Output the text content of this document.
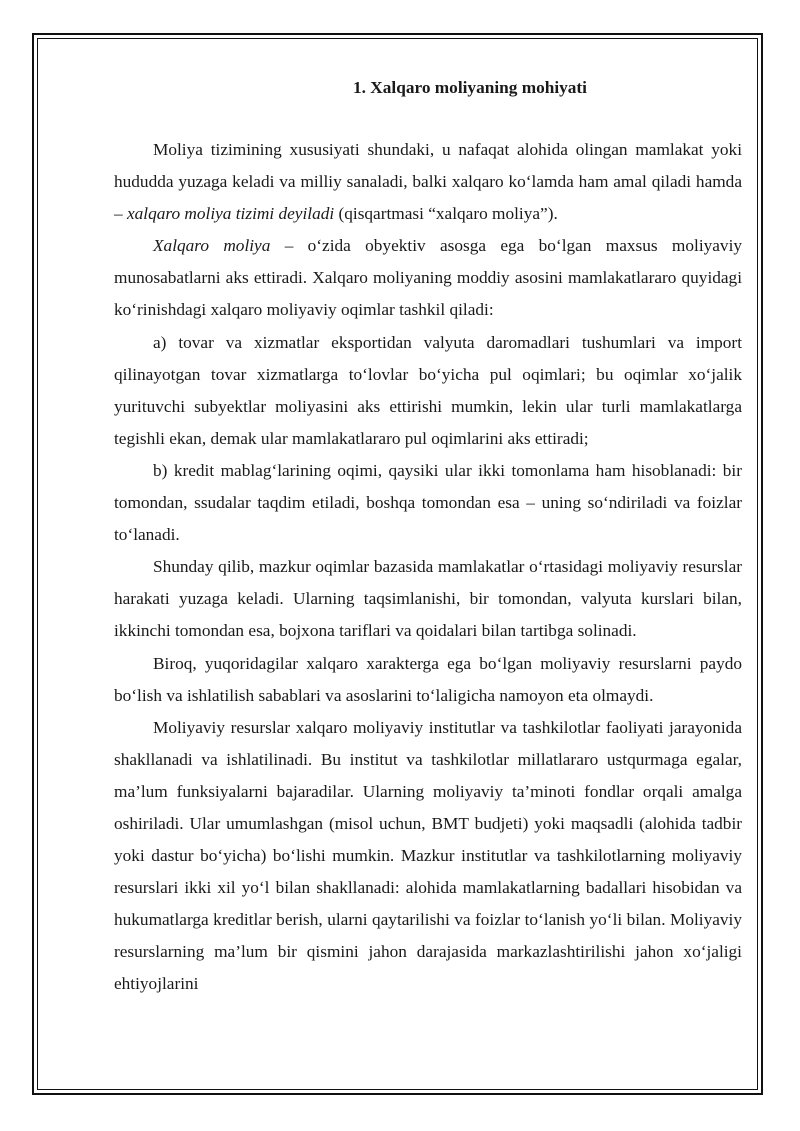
1. Xalqaro moliyaning mohiyati

Moliya tizimining xususiyati shundaki, u nafaqat alohida olingan mamlakat yoki hududda yuzaga keladi va milliy sanaladi, balki xalqaro ko‘lamda ham amal qiladi hamda – xalqaro moliya tizimi deyiladi (qisqartmasi “xalqaro moliya”).

Xalqaro moliya – o‘zida obyektiv asosga ega bo‘lgan maxsus moliyaviy munosabatlarni aks ettiradi. Xalqaro moliyaning moddiy asosini mamlakatlararo quyidagi ko‘rinishdagi xalqaro moliyaviy oqimlar tashkil qiladi:

a) tovar va xizmatlar eksportidan valyuta daromadlari tushumlari va import qilinayotgan tovar xizmatlarga to‘lovlar bo‘yicha pul oqimlari; bu oqimlar xo‘jalik yurituvchi subyektlar moliyasini aks ettirishi mumkin, lekin ular turli mamlakatlarga tegishli ekan, demak ular mamlakatlararo pul oqimlarini aks ettiradi;

b) kredit mablag‘larining oqimi, qaysiki ular ikki tomonlama ham hisoblanadi: bir tomondan, ssudalar taqdim etiladi, boshqa tomondan esa – uning so‘ndiriladi va foizlar to‘lanadi.

Shunday qilib, mazkur oqimlar bazasida mamlakatlar o‘rtasidagi moliyaviy resurslar harakati yuzaga keladi. Ularning taqsimlanishi, bir tomondan, valyuta kurslari bilan, ikkinchi tomondan esa, bojxona tariflari va qoidalari bilan tartibga solinadi.

Biroq, yuqoridagilar xalqaro xarakterga ega bo‘lgan moliyaviy resurslarni paydo bo‘lish va ishlatilish sabablari va asoslarini to‘laligicha namoyon eta olmaydi.

Moliyaviy resurslar xalqaro moliyaviy institutlar va tashkilotlar faoliyati jarayonida shakllanadi va ishlatilinadi. Bu institut va tashkilotlar millatlararo ustqurmaga egalar, ma’lum funksiyalarni bajaradilar. Ularning moliyaviy ta’minoti fondlar orqali amalga oshiriladi. Ular umumlashgan (misol uchun, BMT budjeti) yoki maqsadli (alohida tadbir yoki dastur bo‘yicha) bo‘lishi mumkin. Mazkur institutlar va tashkilotlarning moliyaviy resurslari ikki xil yo‘l bilan shakllanadi: alohida mamlakatlarning badallari hisobidan va hukumatlarga kreditlar berish, ularni qaytarilishi va foizlar to‘lanish yo‘li bilan. Moliyaviy resurslarning ma’lum bir qismini jahon darajasida markazlashtirilishi jahon xo‘jaligi ehtiyojlarini
